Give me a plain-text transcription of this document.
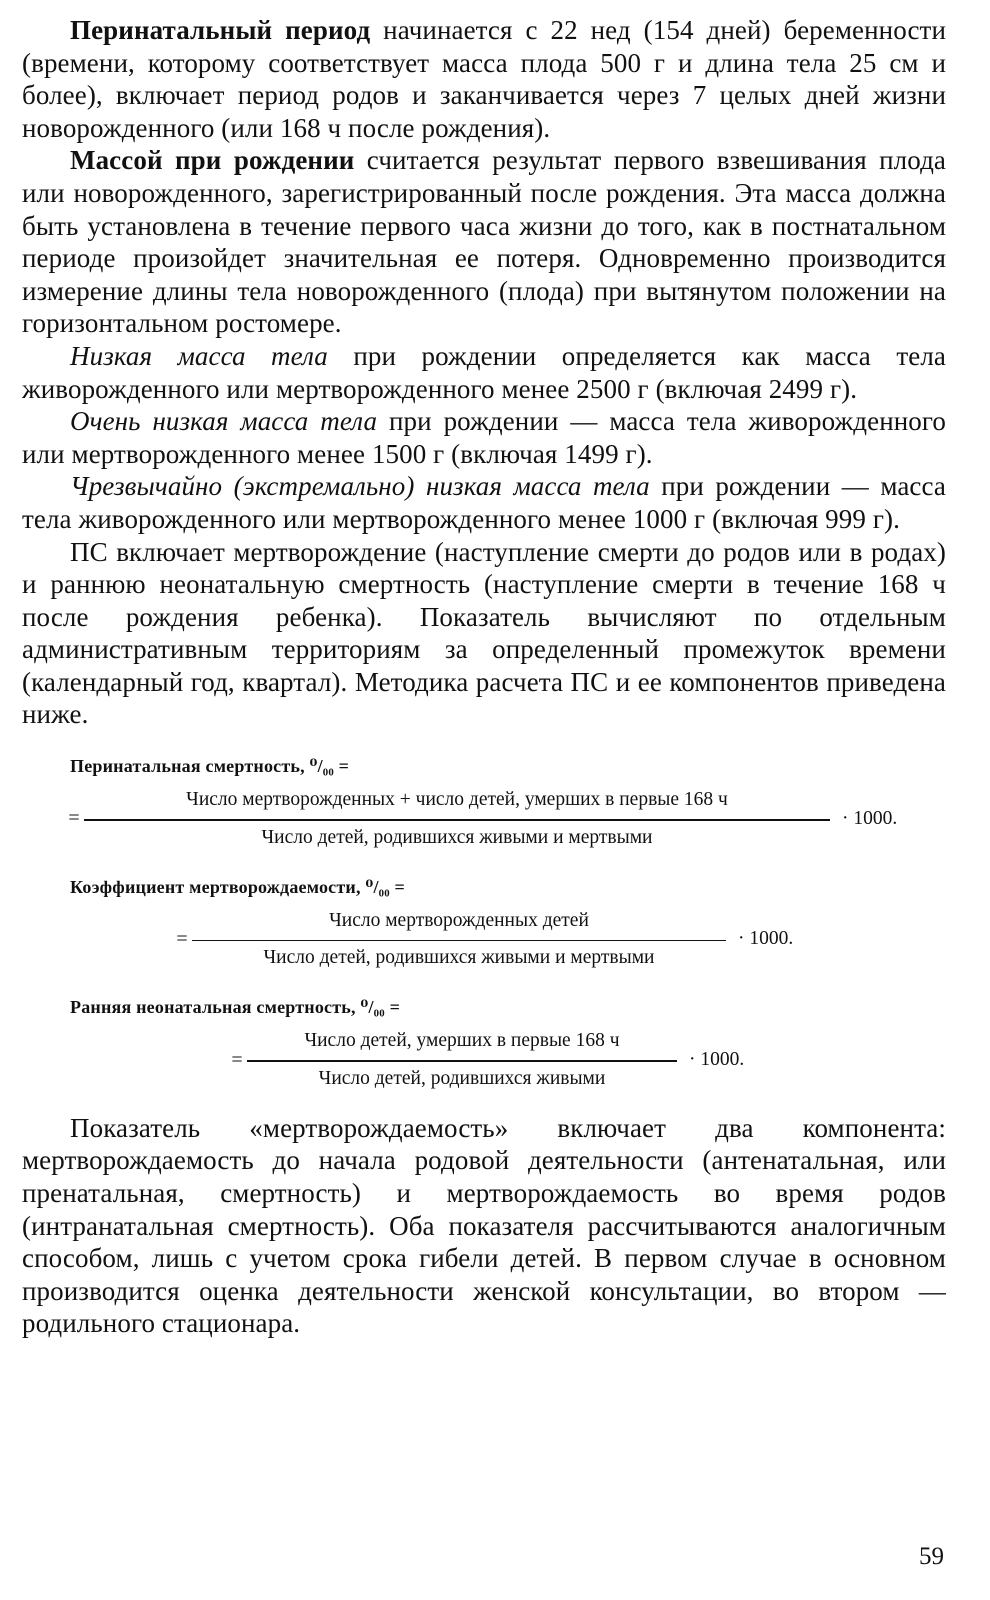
Перинатальный период начинается с 22 нед (154 дней) беременности (времени, которому соответствует масса плода 500 г и длина тела 25 см и более), включает период родов и заканчивается через 7 целых дней жизни новорожденного (или 168 ч после рождения).

Массой при рождении считается результат первого взвешивания плода или новорожденного, зарегистрированный после рождения. Эта масса должна быть установлена в течение первого часа жизни до того, как в постнатальном периоде произойдет значительная ее потеря. Одновременно производится измерение длины тела новорожденного (плода) при вытянутом положении на горизонтальном ростомере.

Низкая масса тела при рождении определяется как масса тела живорожденного или мертворожденного менее 2500 г (включая 2499 г).

Очень низкая масса тела при рождении — масса тела живорожденного или мертворожденного менее 1500 г (включая 1499 г).

Чрезвычайно (экстремально) низкая масса тела при рождении — масса тела живорожденного или мертворожденного менее 1000 г (включая 999 г).

ПС включает мертворождение (наступление смерти до родов или в родах) и раннюю неонатальную смертность (наступление смерти в течение 168 ч после рождения ребенка). Показатель вычисляют по отдельным административным территориям за определенный промежуток времени (календарный год, квартал). Методика расчета ПС и ее компонентов приведена ниже.

Перинатальная смертность, ⁰/₀₀ =
= $\frac{\text{Число мертворожденных + число детей, умерших в первые 168 ч}}{\text{Число детей, родившихся живыми и мертвыми}} \cdot 1000$.
Коэффициент мертворождаемости, ⁰/₀₀ =
= $\frac{\text{Число мертворожденных детей}}{\text{Число детей, родившихся живыми и мертвыми}} \cdot 1000$.
Ранняя неонатальная смертность, ⁰/₀₀ =
= $\frac{\text{Число детей, умерших в первые 168 ч}}{\text{Число детей, родившихся живыми}} \cdot 1000$.

Показатель «мертворождаемость» включает два компонента: мертворождаемость до начала родовой деятельности (антенатальная, или пренатальная, смертность) и мертворождаемость во время родов (интранатальная смертность). Оба показателя рассчитываются аналогичным способом, лишь с учетом срока гибели детей. В первом случае в основном производится оценка деятельности женской консультации, во втором — родильного стационара.

59
